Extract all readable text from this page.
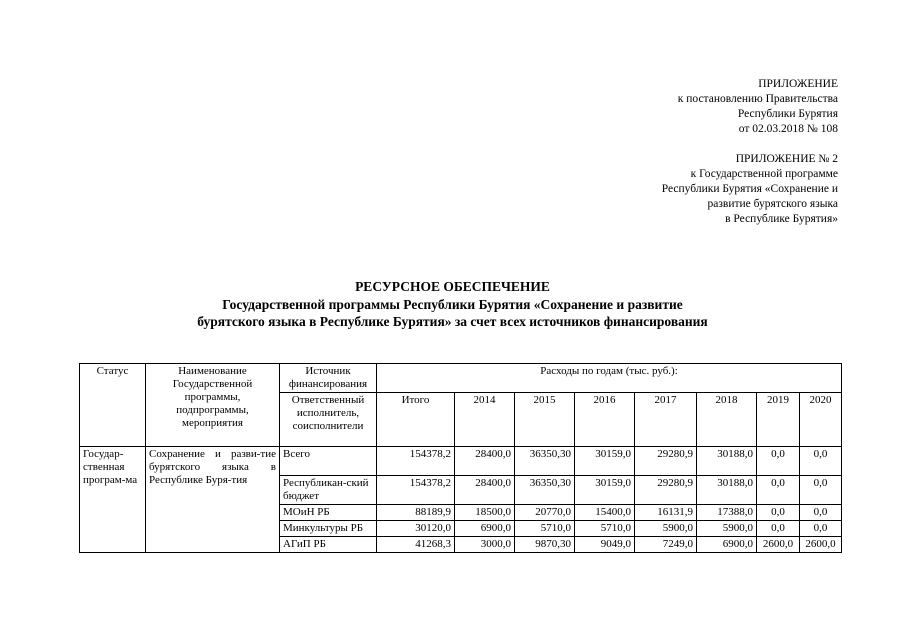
ПРИЛОЖЕНИЕ
к постановлению Правительства
Республики Бурятия
от 02.03.2018 № 108
ПРИЛОЖЕНИЕ № 2
к Государственной программе
Республики Бурятия «Сохранение и
развитие бурятского языка
в Республике Бурятия»
РЕСУРСНОЕ ОБЕСПЕЧЕНИЕ
Государственной программы Республики Бурятия «Сохранение и развитие
бурятского языка в Республике Бурятия» за счет всех источников финансирования
Статус	Наименование Государственной программы, подпрограммы, мероприятия	Источник финансирования	Расходы по годам (тыс. руб.):							
		Ответственный исполнитель, соисполнители	Итого	2014	2015	2016	2017	2018	2019	2020
Государ-ственная програм-ма	Сохранение и разви-тие бурятского языка в Республике Буря-тия	Всего	154378,2	28400,0	36350,30	30159,0	29280,9	30188,0	0,0	0,0
		Республикан-ский бюджет	154378,2	28400,0	36350,30	30159,0	29280,9	30188,0	0,0	0,0
		МОиН РБ	88189,9	18500,0	20770,0	15400,0	16131,9	17388,0	0,0	0,0
		Минкультуры РБ	30120,0	6900,0	5710,0	5710,0	5900,0	5900,0	0,0	0,0
		АГиП РБ	41268,3	3000,0	9870,30	9049,0	7249,0	6900,0	2600,0	2600,0
